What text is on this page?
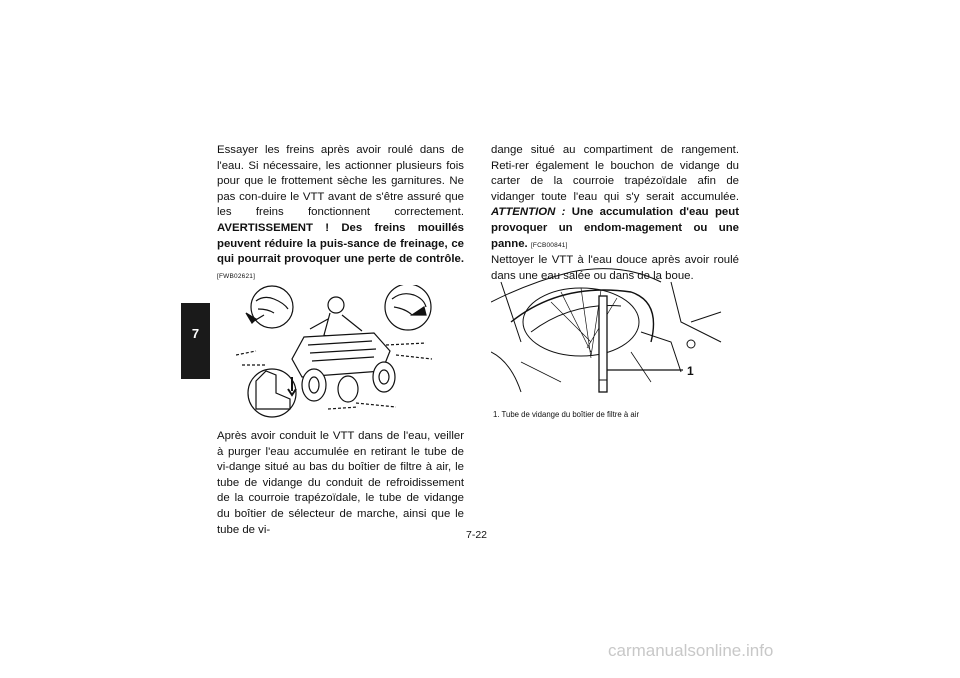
7

Essayer les freins après avoir roulé dans de l'eau. Si nécessaire, les actionner plusieurs fois pour que le frottement sèche les garnitures. Ne pas con-duire le VTT avant de s'être assuré que les freins fonctionnent correctement. AVERTISSEMENT ! Des freins mouillés peuvent réduire la puis-sance de freinage, ce qui pourrait provoquer une perte de contrôle. [FWB02621]

Après avoir conduit le VTT dans de l'eau, veiller à purger l'eau accumulée en retirant le tube de vi-dange situé au bas du boîtier de filtre à air, le tube de vidange du conduit de refroidissement de la courroie trapézoïdale, le tube de vidange du boîtier de sélecteur de marche, ainsi que le tube de vi-

dange situé au compartiment de rangement. Reti-rer également le bouchon de vidange du carter de la courroie trapézoïdale afin de vidanger toute l'eau qui s'y serait accumulée. ATTENTION : Une accumulation d'eau peut provoquer un endom-magement ou une panne. [FCB00841]

Nettoyer le VTT à l'eau douce après avoir roulé dans une eau salée ou dans de la boue.

1
1. Tube de vidange du boîtier de filtre à air
7-22
carmanualsonline.info
